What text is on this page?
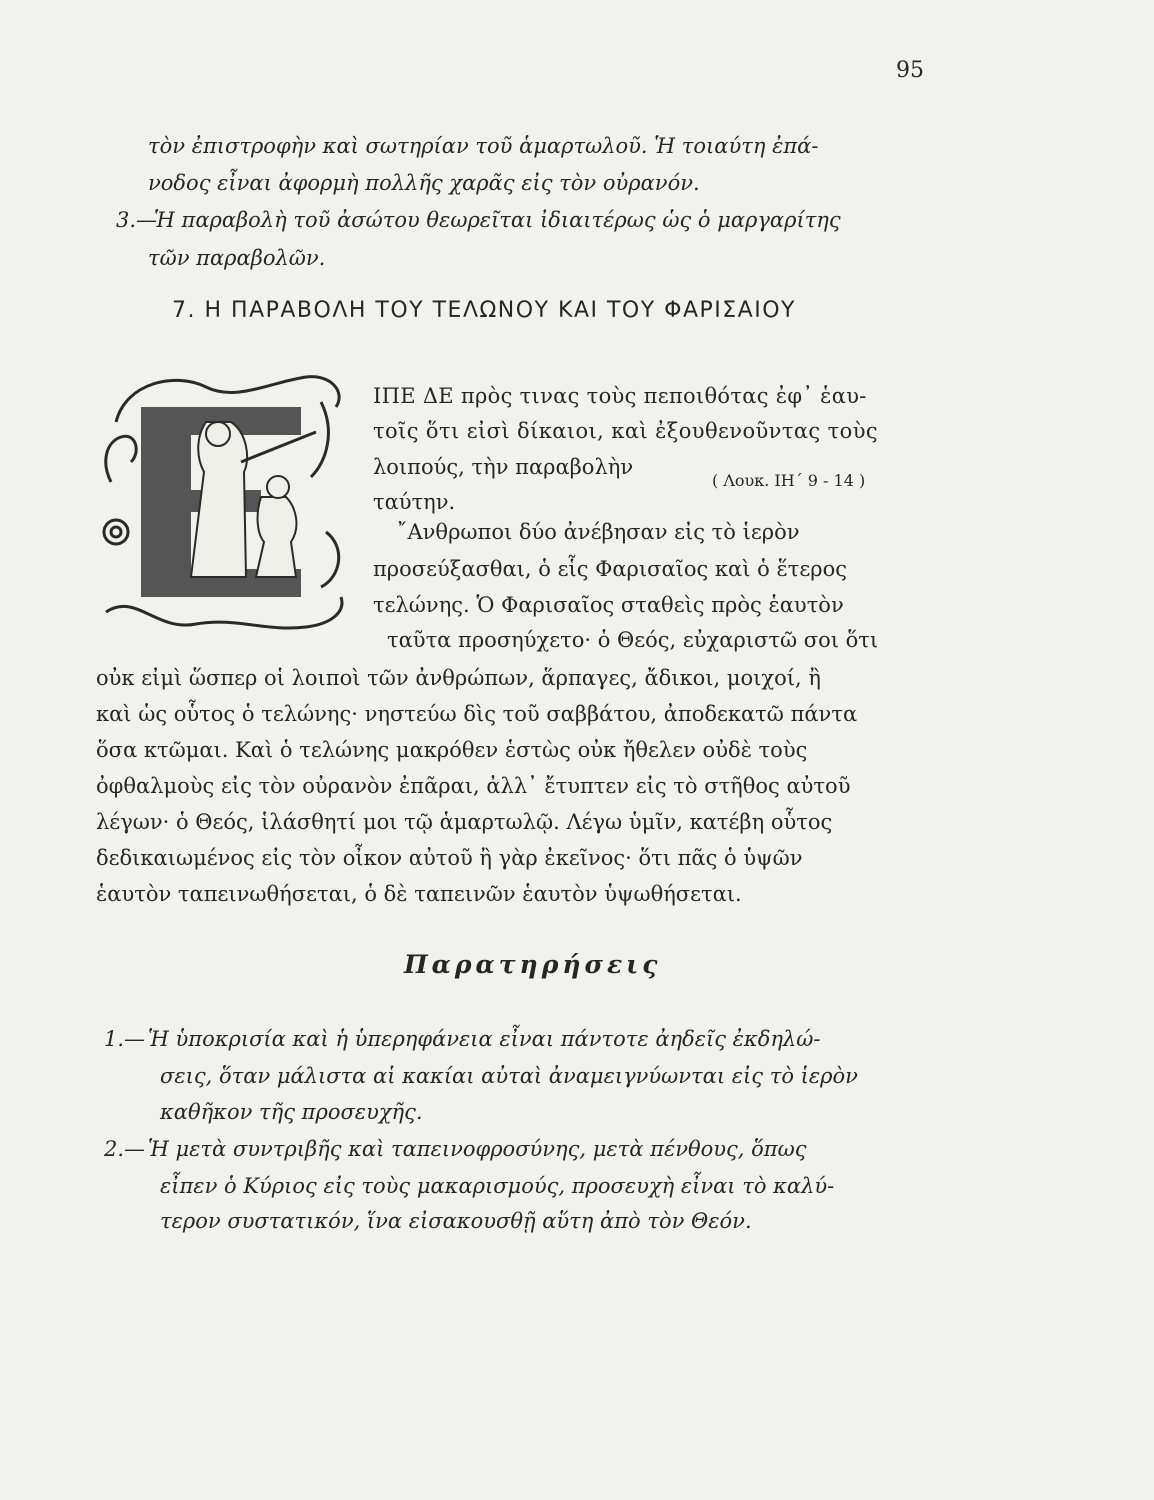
95
τὸν ἐπιστροφὴν καὶ σωτηρίαν τοῦ ἁμαρτωλοῦ. Ἡ τοιαύτη ἐπά-
νοδος εἶναι ἀφορμὴ πολλῆς χαρᾶς εἰς τὸν οὐρανόν.
3.—
Ἡ παραβολὴ τοῦ ἀσώτου θεωρεῖται ἰδιαιτέρως ὡς ὁ μαργαρίτης
τῶν παραβολῶν.
7. Η ΠΑΡΑΒΟΛΗ ΤΟΥ ΤΕΛΩΝΟΥ ΚΑΙ ΤΟΥ ΦΑΡΙΣΑΙΟΥ
ΙΠΕ ΔΕ πρὸς τινας τοὺς πεποιθότας ἐφ᾽ ἑαυ-
τοῖς ὅτι εἰσὶ δίκαιοι, καὶ ἐξουθενοῦντας τοὺς
λοιπούς, τὴν παραβολὴν
( Λουκ. ΙΗ΄ 9 - 14 )
ταύτην.
῎Ανθρωποι δύο ἀνέβησαν εἰς τὸ ἱερὸν
προσεύξασθαι, ὁ εἷς Φαρισαῖος καὶ ὁ ἕτερος
τελώνης. Ὁ Φαρισαῖος σταθεὶς πρὸς ἑαυτὸν
ταῦτα προσηύχετο· ὁ Θεός, εὐχαριστῶ σοι ὅτι
οὐκ εἰμὶ ὥσπερ οἱ λοιποὶ τῶν ἀνθρώπων, ἅρπαγες, ἄδικοι, μοιχοί, ἢ
καὶ ὡς οὗτος ὁ τελώνης· νηστεύω δὶς τοῦ σαββάτου, ἀποδεκατῶ πάντα
ὅσα κτῶμαι. Καὶ ὁ τελώνης μακρόθεν ἑστὼς οὐκ ἤθελεν οὐδὲ τοὺς
ὀφθαλμοὺς εἰς τὸν οὐρανὸν ἐπᾶραι, ἀλλ᾽ ἔτυπτεν εἰς τὸ στῆθος αὐτοῦ
λέγων· ὁ Θεός, ἱλάσθητί μοι τῷ ἁμαρτωλῷ. Λέγω ὑμῖν, κατέβη οὗτος
δεδικαιωμένος εἰς τὸν οἶκον αὐτοῦ ἢ γὰρ ἐκεῖνος· ὅτι πᾶς ὁ ὑψῶν
ἑαυτὸν ταπεινωθήσεται, ὁ δὲ ταπεινῶν ἑαυτὸν ὑψωθήσεται.
Παρατηρήσεις
1.— Ἡ ὑποκρισία καὶ ἡ ὑπερηφάνεια εἶναι πάντοτε ἀηδεῖς ἐκδηλώ-
σεις, ὅταν μάλιστα αἱ κακίαι αὐταὶ ἀναμειγνύωνται εἰς τὸ ἱερὸν
καθῆκον τῆς προσευχῆς.
2.— Ἡ μετὰ συντριβῆς καὶ ταπεινοφροσύνης, μετὰ πένθους, ὅπως
εἶπεν ὁ Κύριος εἰς τοὺς μακαρισμούς, προσευχὴ εἶναι τὸ καλύ-
τερον συστατικόν, ἵνα εἰσακουσθῇ αὕτη ἀπὸ τὸν Θεόν.
